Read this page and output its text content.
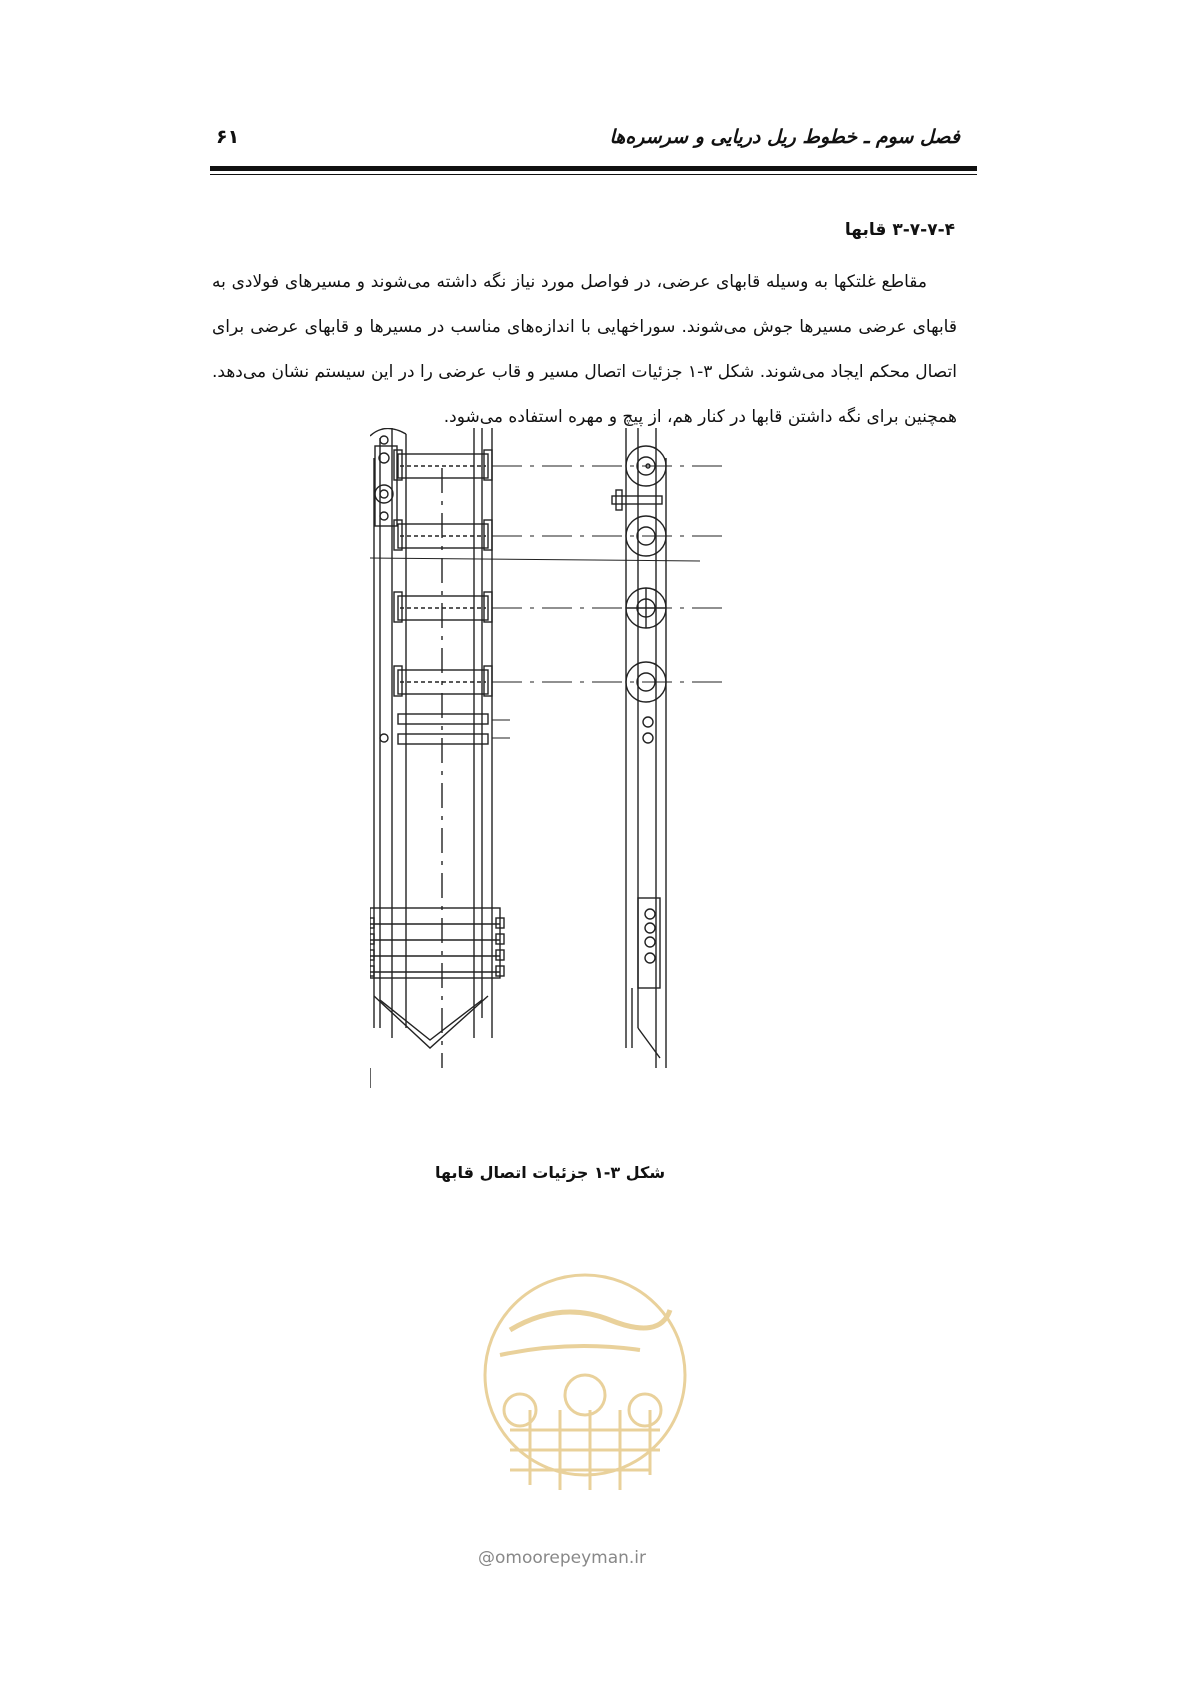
فصل سوم ـ خطوط ریل دریایی و سرسره‌ها
۶۱
۳-۷-۷-۴ قابها

مقاطع غلتکها به وسیله قابهای عرضی، در فواصل مورد نیاز نگه داشته می‌شوند و مسیرهای فولادی به قابهای عرضی مسیرها جوش می‌شوند. سوراخهایی با اندازه‌های مناسب در مسیرها و قابهای عرضی برای اتصال محکم ایجاد می‌شوند. شکل ۳-۱ جزئیات اتصال مسیر و قاب عرضی را در این سیستم نشان می‌دهد. همچنین برای نگه داشتن قابها در کنار هم، از پیچ و مهره استفاده می‌شود.

شکل ۳-۱ جزئیات اتصال قابها
@omoorepeyman.ir
